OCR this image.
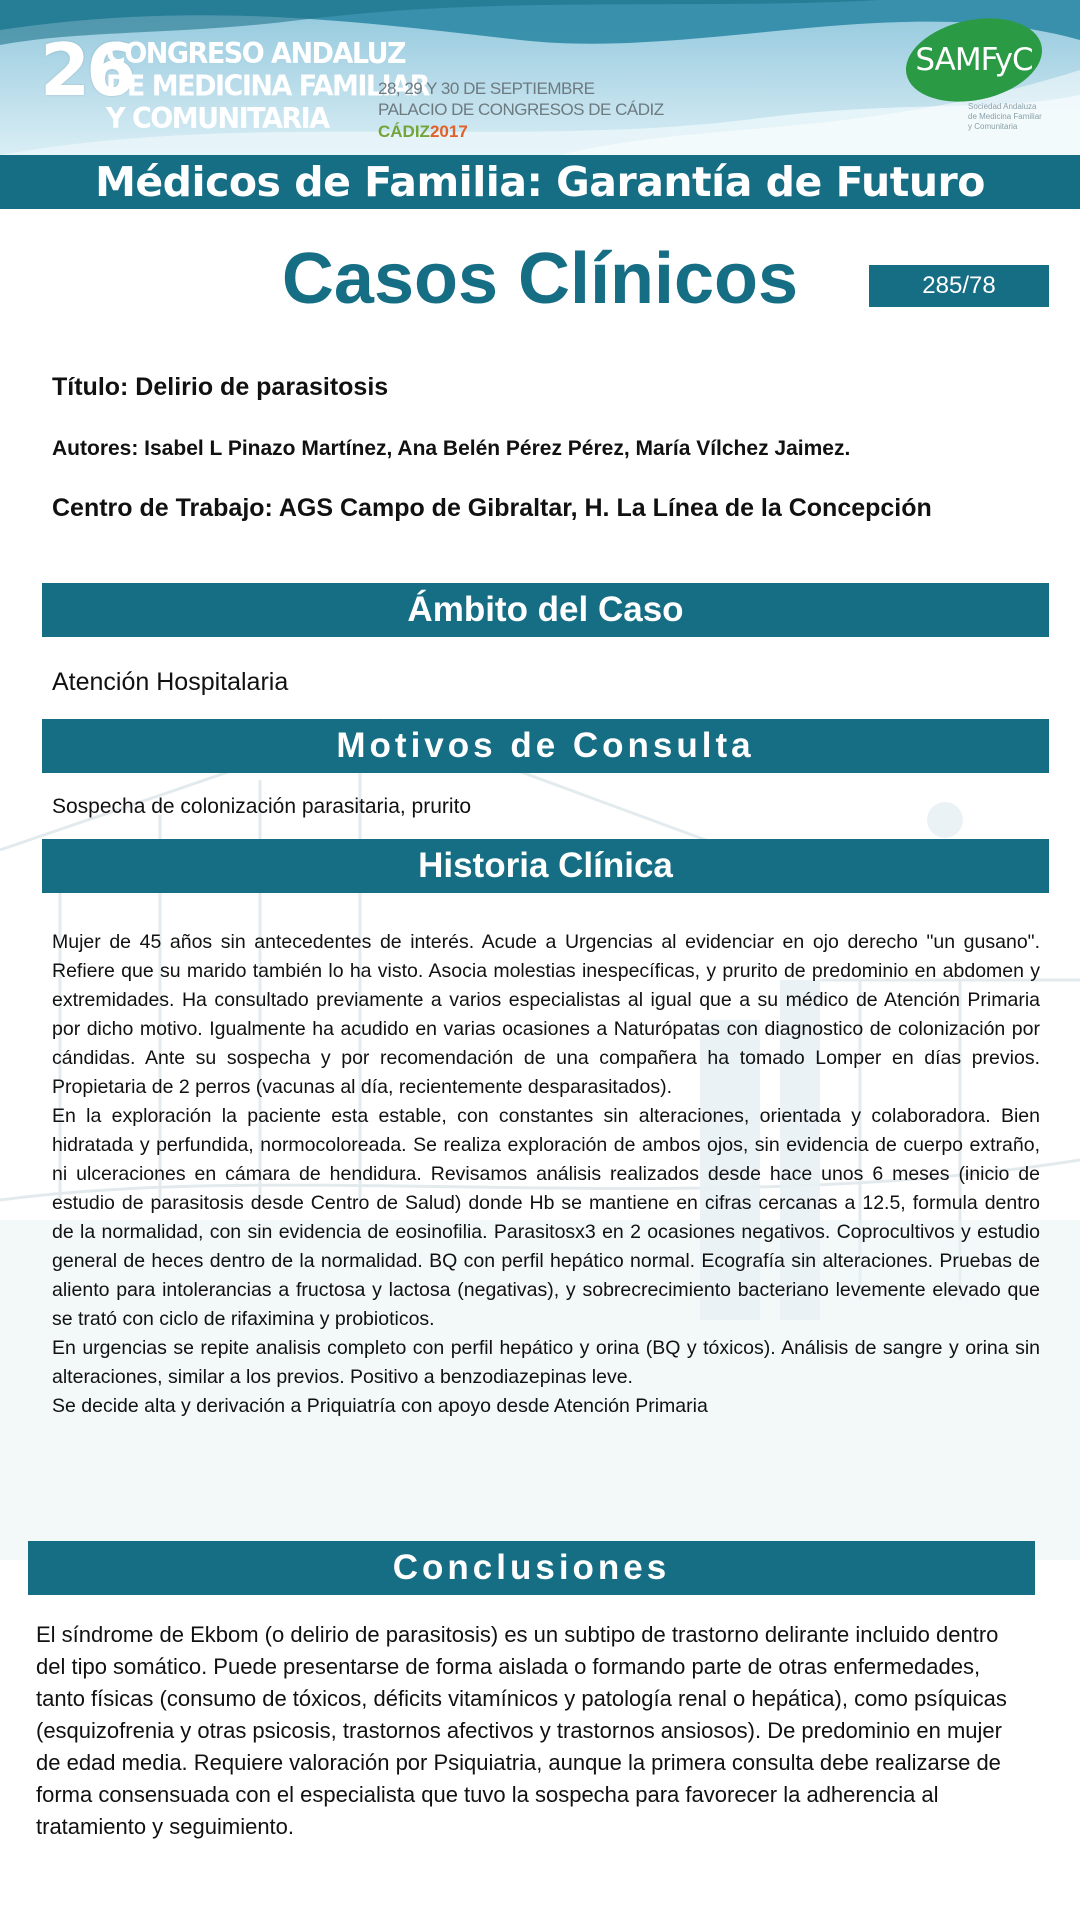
26
CONGRESO ANDALUZ
DE MEDICINA FAMILIAR
Y COMUNITARIA
28, 29 Y 30 DE SEPTIEMBRE
PALACIO DE CONGRESOS DE CÁDIZ
CÁDIZ2017
SAMFyC
Sociedad Andaluza
de Medicina Familiar
y Comunitaria
Médicos de Familia: Garantía de Futuro
Casos Clínicos	285/78
Título: Delirio de parasitosis
Autores: Isabel L Pinazo Martínez, Ana Belén Pérez Pérez, María Vílchez Jaimez.
Centro de Trabajo: AGS Campo de Gibraltar, H. La Línea de la Concepción
Ámbito del Caso
Atención Hospitalaria
Motivos de Consulta
Sospecha de colonización parasitaria, prurito
Historia Clínica

Mujer de 45 años sin antecedentes de interés. Acude a Urgencias al evidenciar en ojo derecho "un gusano". Refiere que su marido también lo ha visto. Asocia molestias inespecíficas, y prurito de predominio en abdomen y extremidades. Ha consultado previamente a varios especialistas al igual que a su médico de Atención Primaria por dicho motivo. Igualmente ha acudido en varias ocasiones a Naturópatas con diagnostico de colonización por cándidas. Ante su sospecha y por recomendación de una compañera ha tomado Lomper en días previos. Propietaria de 2 perros (vacunas al día, recientemente desparasitados).

En la exploración la paciente esta estable, con constantes sin alteraciones, orientada y colaboradora. Bien hidratada y perfundida, normocoloreada. Se realiza exploración de ambos ojos, sin evidencia de cuerpo extraño, ni ulceraciones en cámara de hendidura. Revisamos análisis realizados desde hace unos 6 meses (inicio de estudio de parasitosis desde Centro de Salud) donde Hb se mantiene en cifras cercanas a 12.5, formula dentro de la normalidad, con sin evidencia de eosinofilia. Parasitosx3 en 2 ocasiones negativos. Coprocultivos y estudio general de heces dentro de la normalidad. BQ con perfil hepático normal. Ecografía sin alteraciones. Pruebas de aliento para intolerancias a fructosa y lactosa (negativas), y sobrecrecimiento bacteriano levemente elevado que se trató con ciclo de rifaximina y probioticos.

En urgencias se repite analisis completo con perfil hepático y orina (BQ y tóxicos). Análisis de sangre y orina sin alteraciones, similar a los previos. Positivo a benzodiazepinas leve.

Se decide alta y derivación a Priquiatría con apoyo desde Atención Primaria

Conclusiones
El síndrome de Ekbom (o delirio de parasitosis) es un subtipo de trastorno delirante incluido dentro del tipo somático. Puede presentarse de forma aislada o formando parte de otras enfermedades, tanto físicas (consumo de tóxicos, déficits vitamínicos y patología renal o hepática), como psíquicas (esquizofrenia y otras psicosis, trastornos afectivos y trastornos ansiosos). De predominio en mujer de edad media. Requiere valoración por Psiquiatria, aunque la primera consulta debe realizarse de forma consensuada con el especialista que tuvo la sospecha para favorecer la adherencia al tratamiento y seguimiento.
